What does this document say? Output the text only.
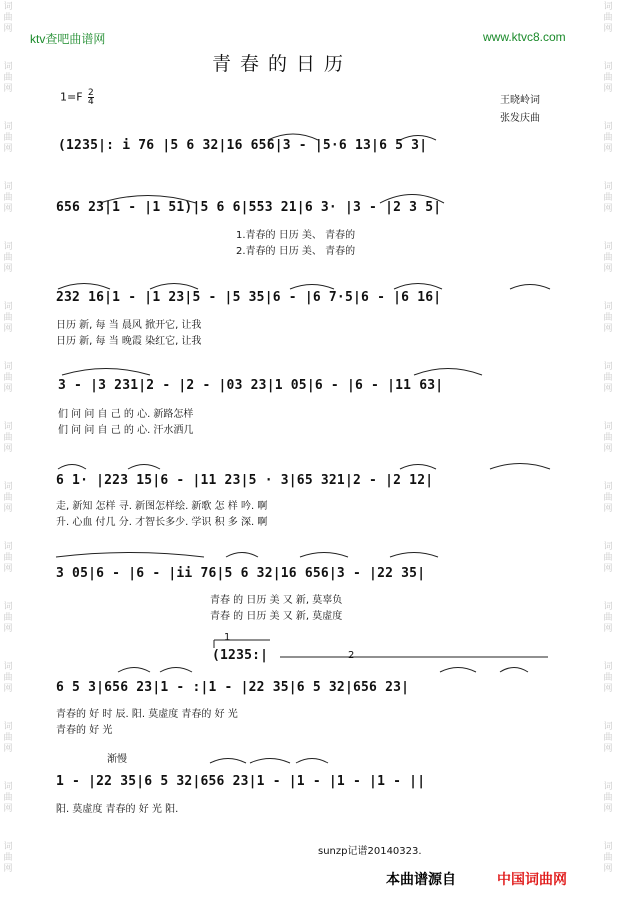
词曲网
词曲网
词曲网
词曲网
词曲网
词曲网
词曲网
词曲网
词曲网
词曲网
词曲网
词曲网
词曲网
词曲网
词曲网
词曲网
词曲网
词曲网
词曲网
词曲网
词曲网
词曲网
词曲网
词曲网
词曲网
词曲网
词曲网
词曲网
词曲网
词曲网
ktv查吧曲谱网	www.ktvc8.com
青春的日历
$1=F \frac{2}{4}$	王晓岭词
张发庆曲
(1235|: i 76 |5 6 32|16 656|3 - |5·6 13|6 5 3|
656 23|1 - |1 51)|5 6 6|553 21|6 3· |3 - |2 3 5|
1.青春的 日历 美、 青春的
2.青春的 日历 美、 青春的
232 16|1 - |1 23|5 - |5 35|6 - |6 7·5|6 - |6 16|
日历 新, 每 当 晨风 掀开它, 让我
日历 新, 每 当 晚霞 染红它, 让我
3 - |3 231|2 - |2 - |03 23|1 05|6 - |6 - |11 63|
们 问 问 自 己 的 心. 新路怎样
们 问 问 自 己 的 心. 汗水洒几
6 1· |223 15|6 - |11 23|5 · 3|65 321|2 - |2 12|
走, 新知 怎样 寻. 新图怎样绘. 新歌 怎 样 吟. 啊
升. 心血 付几 分. 才智长多少. 学识 积 多 深. 啊
3 05|6 - |6 - |ii 76|5 6 32|16 656|3 - |22 35|
青春 的 日历 美 又 新, 莫辜负
青春 的 日历 美 又 新, 莫虚度
1
2
(1235:|
6 5 3|656 23|1 - :|1 - |22 35|6 5 32|656 23|
青春的 好 时 辰. 阳. 莫虚度 青春的 好 光
青春的 好 光
渐慢
1 - |22 35|6 5 32|656 23|1 - |1 - |1 - |1 - ||
阳. 莫虚度 青春的 好 光 阳.
sunzp记谱20140323.
本曲谱源自	中国词曲网
